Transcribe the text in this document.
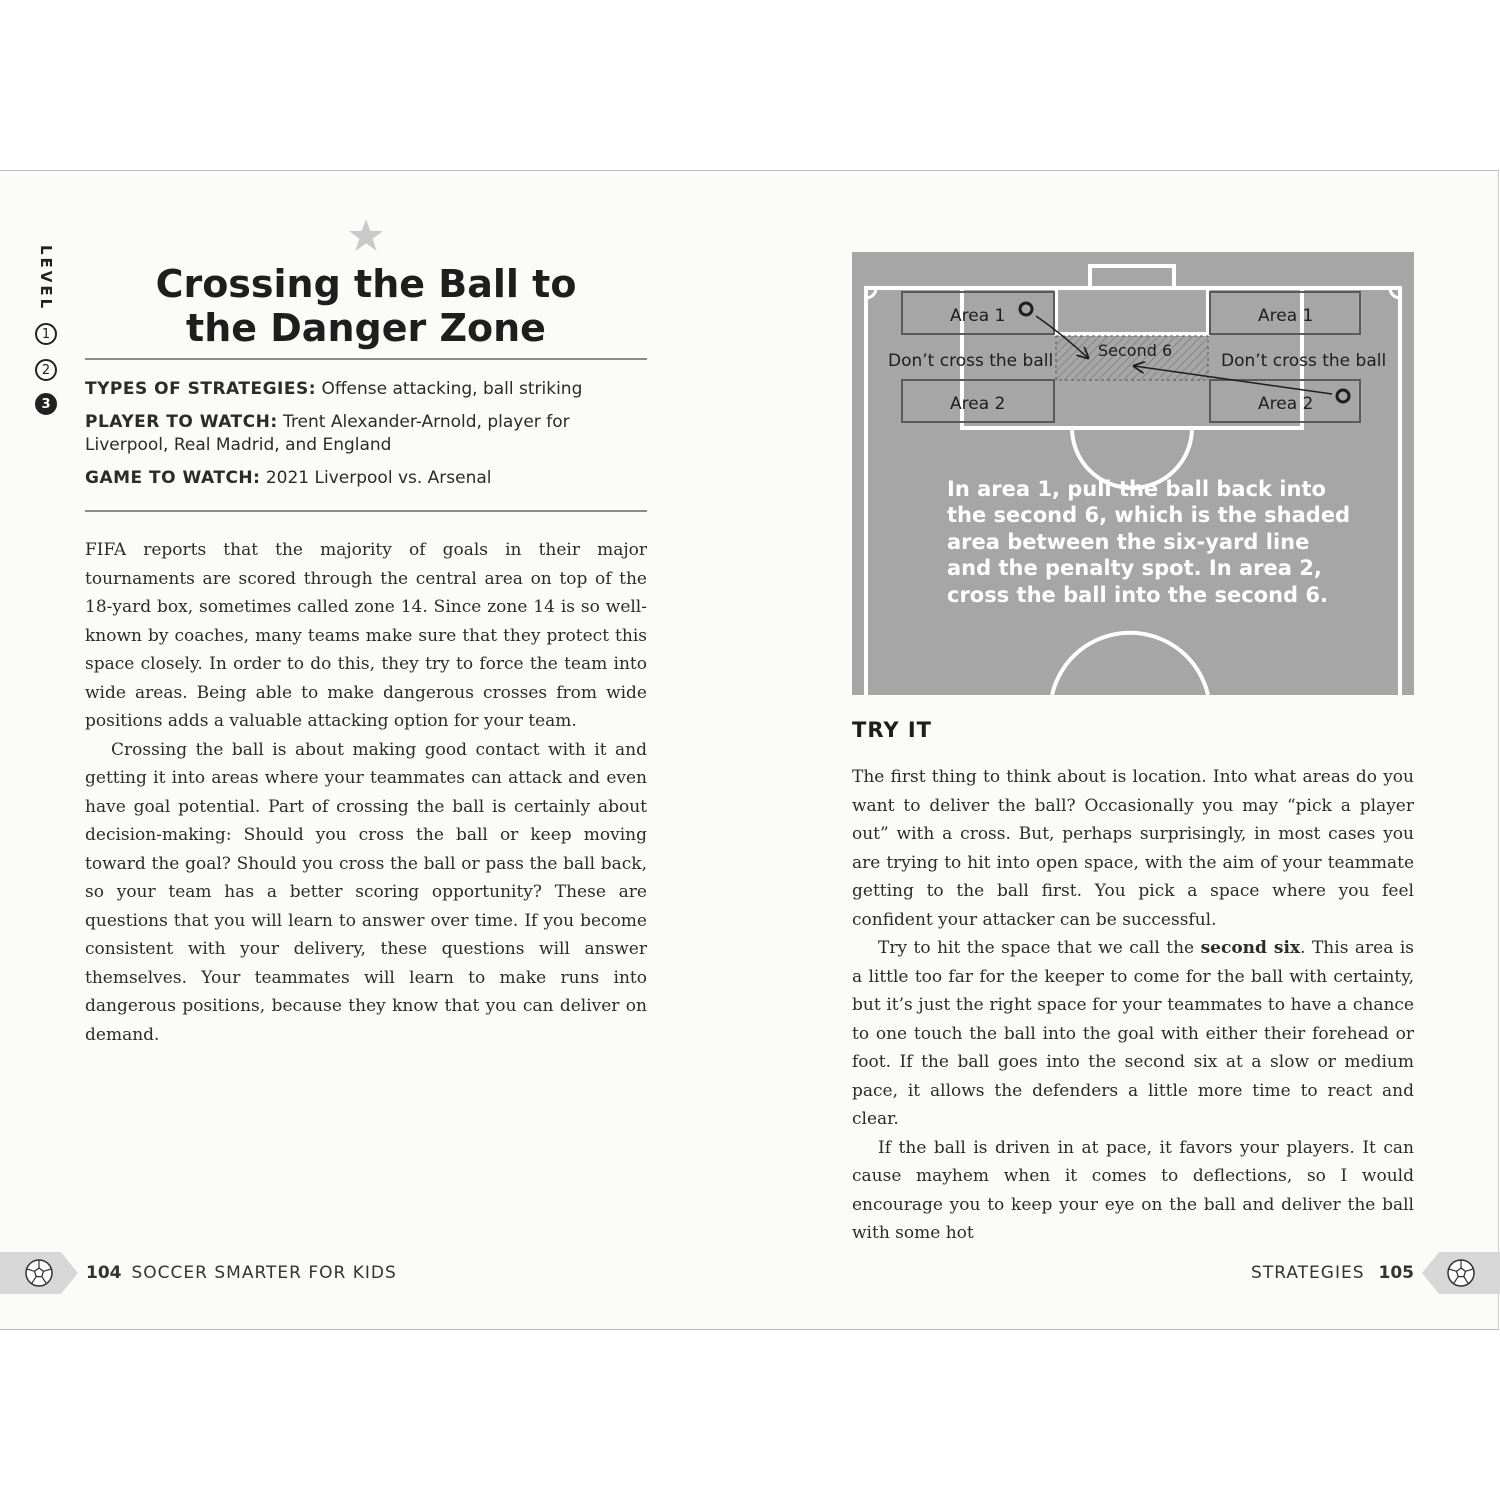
LEVEL
1
2
3
Crossing the Ball to
the Danger Zone

TYPES OF STRATEGIES: Offense attacking, ball striking

PLAYER TO WATCH: Trent Alexander-Arnold, player for Liverpool, Real Madrid, and England

GAME TO WATCH: 2021 Liverpool vs. Arsenal

FIFA reports that the majority of goals in their major tournaments are scored through the central area on top of the 18-yard box, sometimes called zone 14. Since zone 14 is so well-known by coaches, many teams make sure that they protect this space closely. In order to do this, they try to force the team into wide areas. Being able to make dangerous crosses from wide positions adds a valuable attacking option for your team.

Crossing the ball is about making good contact with it and getting it into areas where your teammates can attack and even have goal potential. Part of crossing the ball is certainly about decision-making: Should you cross the ball or keep moving toward the goal? Should you cross the ball or pass the ball back, so your team has a better scoring opportunity? These are questions that you will learn to answer over time. If you become consistent with your delivery, these questions will answer themselves. Your teammates will learn to make runs into dangerous positions, because they know that you can deliver on demand.

Area 1	Area 1
Area 2	Area 2
Don’t cross the ball	Don’t cross the ball
Second 6
In area 1, pull the ball back into the second 6, which is the shaded area between the six-yard line and the penalty spot. In area 2, cross the ball into the second 6.
TRY IT

The first thing to think about is location. Into what areas do you want to deliver the ball? Occasionally you may “pick a player out” with a cross. But, perhaps surprisingly, in most cases you are trying to hit into open space, with the aim of your teammate getting to the ball first. You pick a space where you feel confident your attacker can be successful.

Try to hit the space that we call the second six. This area is a little too far for the keeper to come for the ball with certainty, but it’s just the right space for your teammates to have a chance to one touch the ball into the goal with either their forehead or foot. If the ball goes into the second six at a slow or medium pace, it allows the defenders a little more time to react and clear.

If the ball is driven in at pace, it favors your players. It can cause mayhem when it comes to deflections, so I would encourage you to keep your eye on the ball and deliver the ball with some hot

104 SOCCER SMARTER FOR KIDS	STRATEGIES 105
